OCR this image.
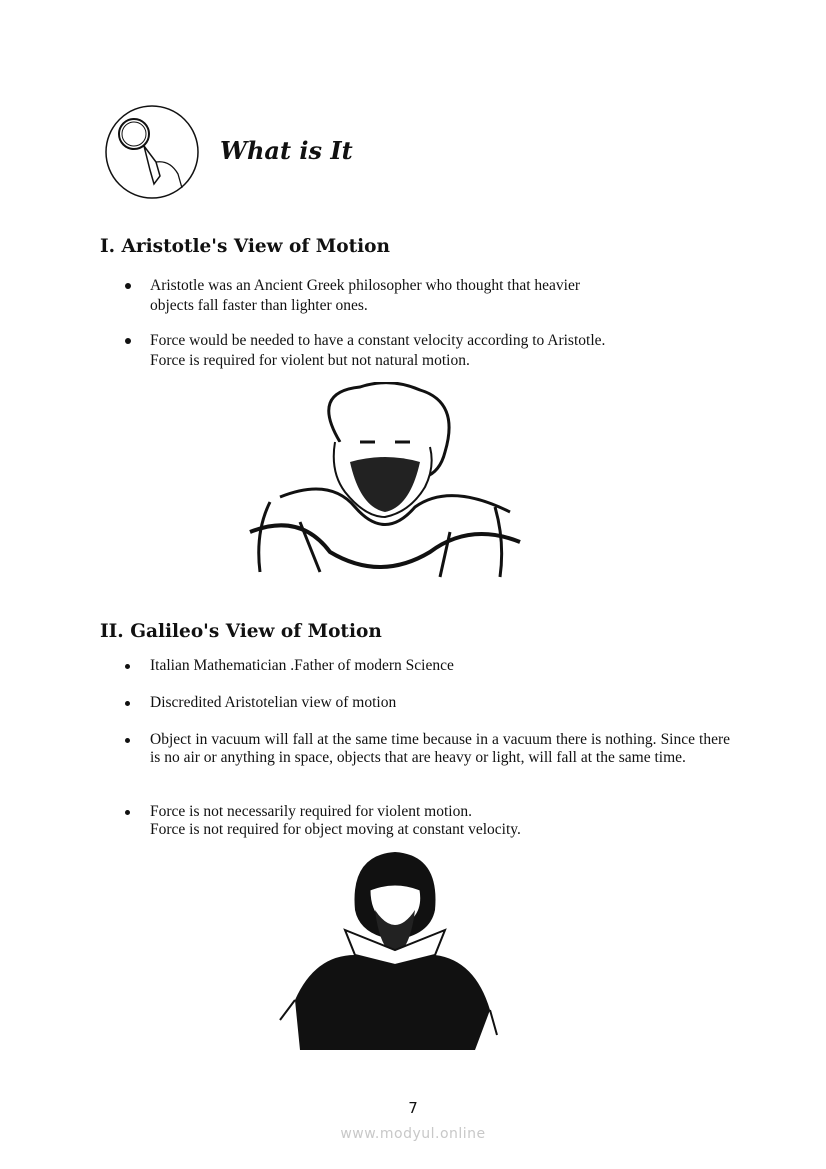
What is It
I. Aristotle's View of Motion
Aristotle was an Ancient Greek philosopher who thought that heavier
objects fall faster than lighter ones.
Force would be needed to have a constant velocity according to Aristotle.
Force is required for violent but not natural motion.
II. Galileo's View of Motion
Italian Mathematician .Father of modern Science
Discredited Aristotelian view of motion
Object in vacuum will fall at the same time because in a vacuum there is nothing. Since there is no air or anything in space, objects that are heavy or light, will fall at the same time.
Force is not necessarily required for violent motion.
Force is not required for object moving at constant velocity.
7
www.modyul.online
